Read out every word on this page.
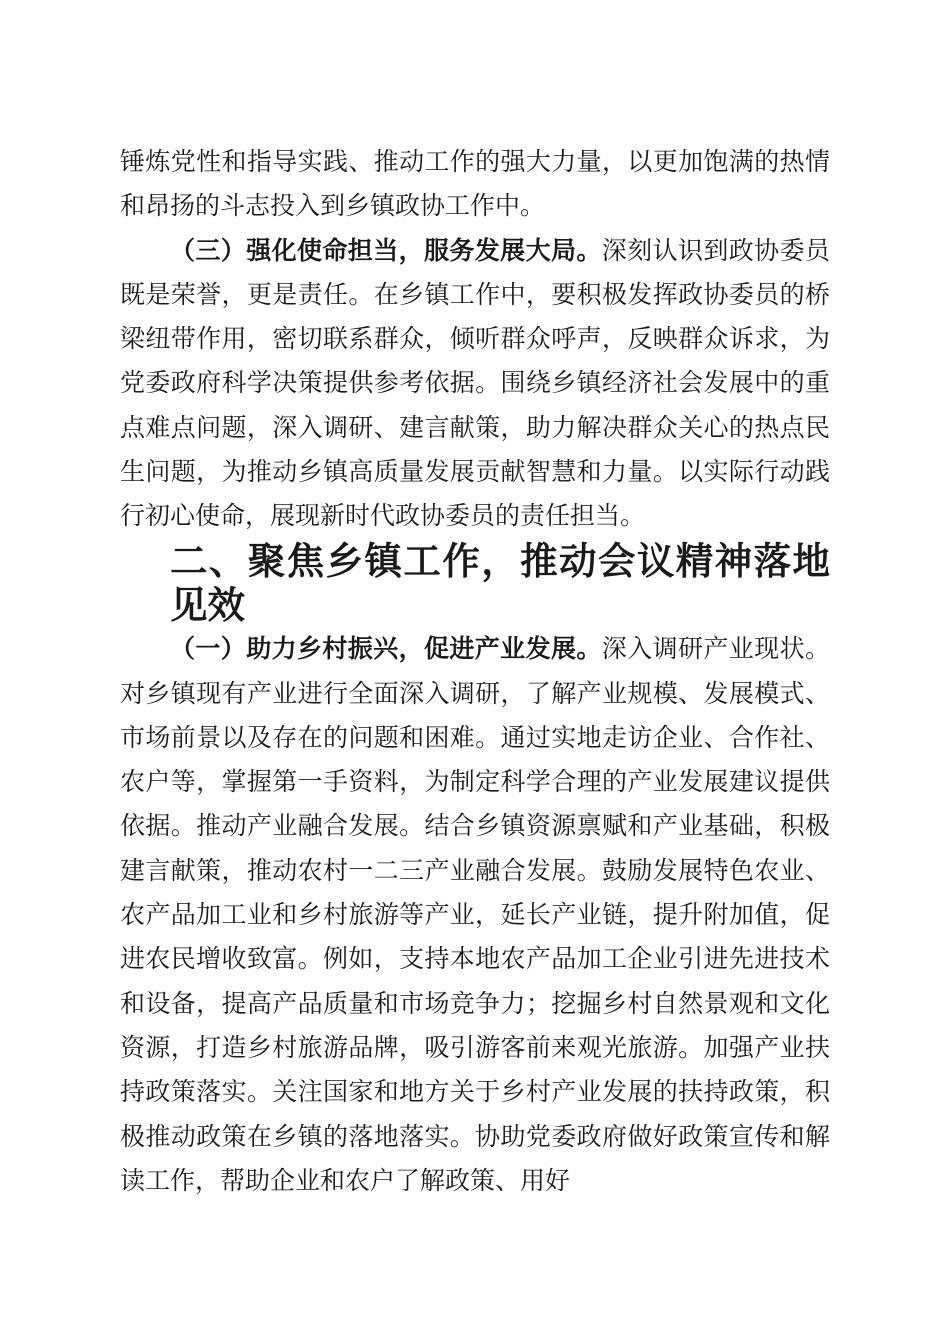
锤炼党性和指导实践、推动工作的强大力量，以更加饱满的热情和昂扬的斗志投入到乡镇政协工作中。

（三）强化使命担当，服务发展大局。深刻认识到政协委员既是荣誉，更是责任。在乡镇工作中，要积极发挥政协委员的桥梁纽带作用，密切联系群众，倾听群众呼声，反映群众诉求，为党委政府科学决策提供参考依据。围绕乡镇经济社会发展中的重点难点问题，深入调研、建言献策，助力解决群众关心的热点民生问题，为推动乡镇高质量发展贡献智慧和力量。以实际行动践行初心使命，展现新时代政协委员的责任担当。

二、聚焦乡镇工作，推动会议精神落地见效

（一）助力乡村振兴，促进产业发展。深入调研产业现状。对乡镇现有产业进行全面深入调研，了解产业规模、发展模式、市场前景以及存在的问题和困难。通过实地走访企业、合作社、农户等，掌握第一手资料，为制定科学合理的产业发展建议提供依据。推动产业融合发展。结合乡镇资源禀赋和产业基础，积极建言献策，推动农村一二三产业融合发展。鼓励发展特色农业、农产品加工业和乡村旅游等产业，延长产业链，提升附加值，促进农民增收致富。例如，支持本地农产品加工企业引进先进技术和设备，提高产品质量和市场竞争力；挖掘乡村自然景观和文化资源，打造乡村旅游品牌，吸引游客前来观光旅游。加强产业扶持政策落实。关注国家和地方关于乡村产业发展的扶持政策，积极推动政策在乡镇的落地落实。协助党委政府做好政策宣传和解读工作，帮助企业和农户了解政策、用好
